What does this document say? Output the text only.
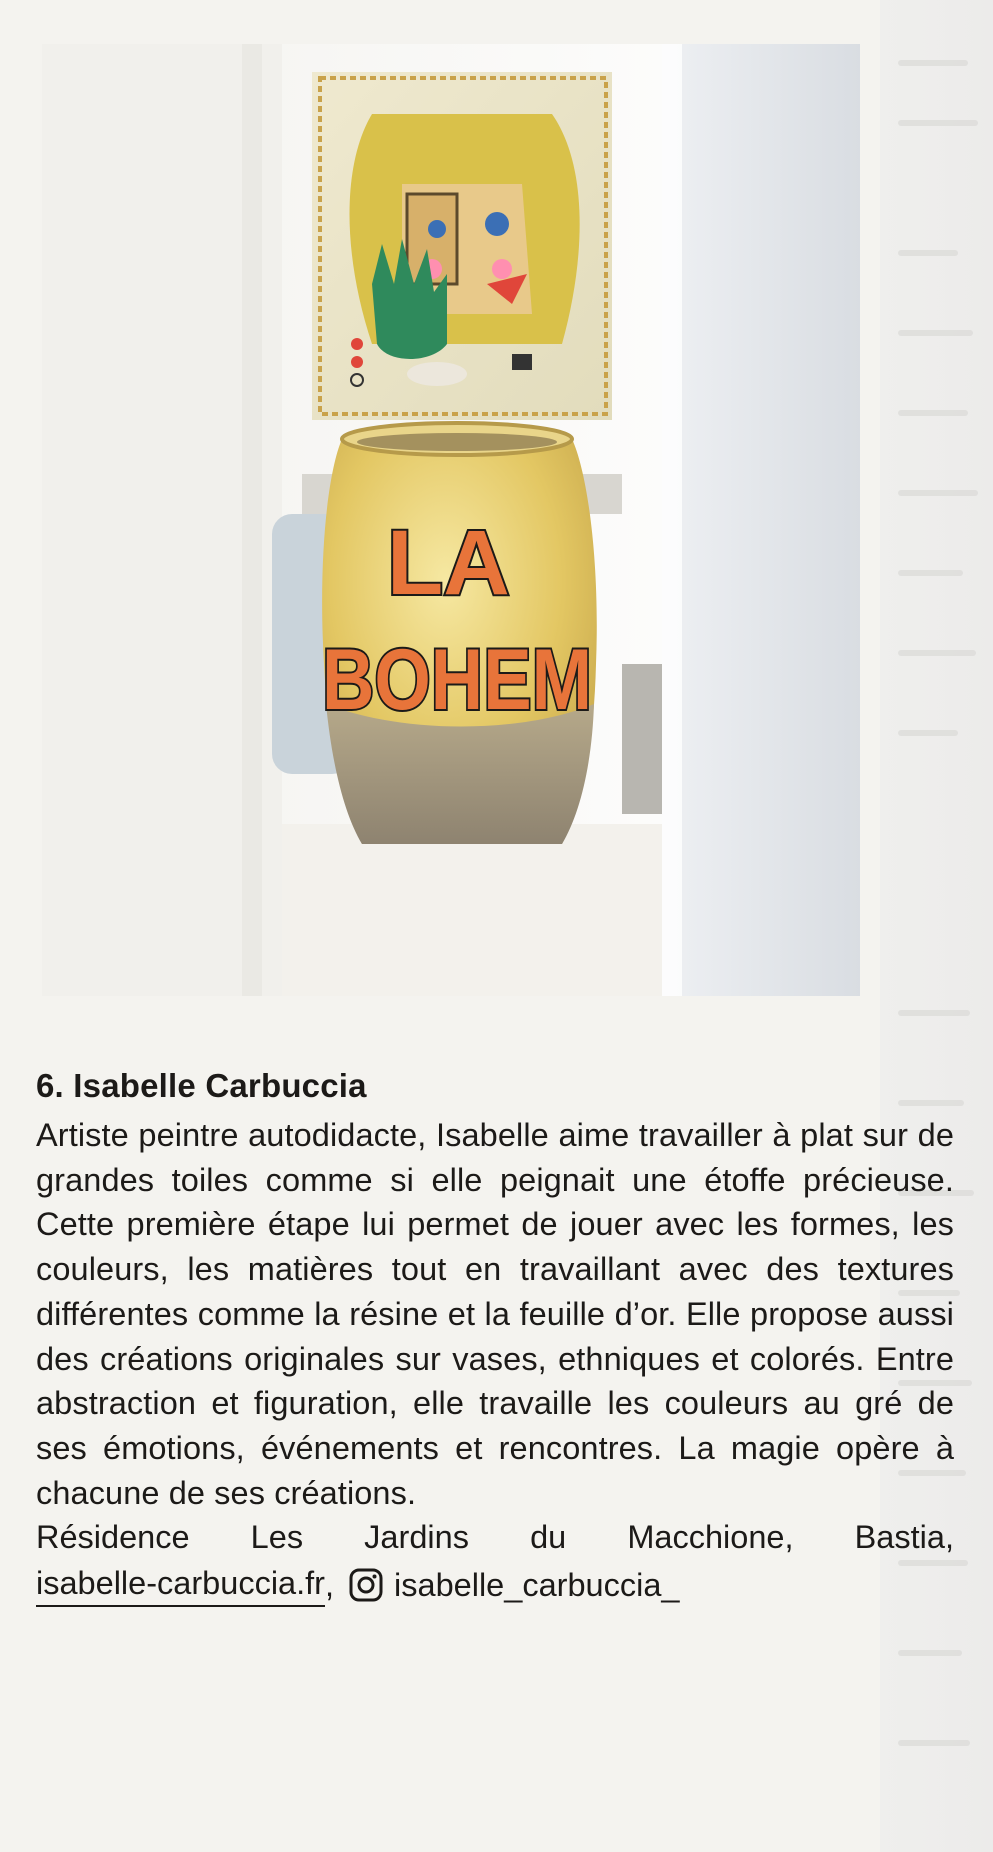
LA
BOHEM
6. Isabelle Carbuccia

Artiste peintre autodidacte, Isabelle aime travailler à plat sur de grandes toiles comme si elle peignait une étoffe précieuse. Cette première étape lui permet de jouer avec les formes, les couleurs, les matières tout en travaillant avec des textures différentes comme la résine et la feuille d’or. Elle propose aussi des créations originales sur vases, ethniques et colorés. Entre abstraction et figuration, elle travaille les couleurs au gré de ses émotions, événements et rencontres. La magie opère à chacune de ses créations.

Résidence Les Jardins du Macchione, Bastia,

isabelle-carbuccia.fr , isabelle_carbuccia_
